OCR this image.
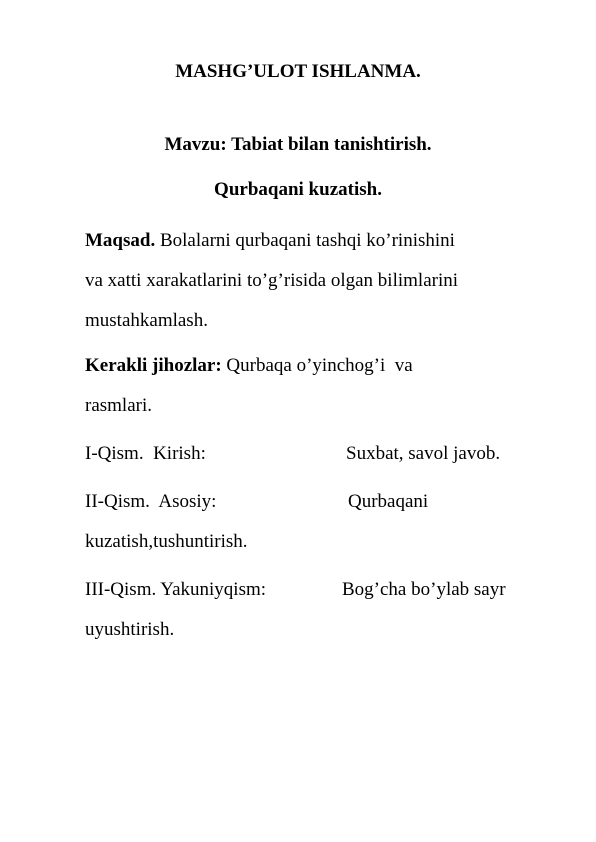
MASHG’ULOT ISHLANMA.
Mavzu: Tabiat bilan tanishtirish.
Qurbaqani kuzatish.
Maqsad. Bolalarni qurbaqani tashqi ko’rinishini
va xatti xarakatlarini to’g’risida olgan bilimlarini
mustahkamlash.
Kerakli jihozlar: Qurbaqa o’yinchog’i  va
rasmlari.
I-Qism.  Kirish:	Suxbat, savol javob.
II-Qism.  Asosiy:	Qurbaqani
kuzatish,tushuntirish.
III-Qism. Yakuniyqism:	Bog’cha bo’ylab sayr
uyushtirish.
